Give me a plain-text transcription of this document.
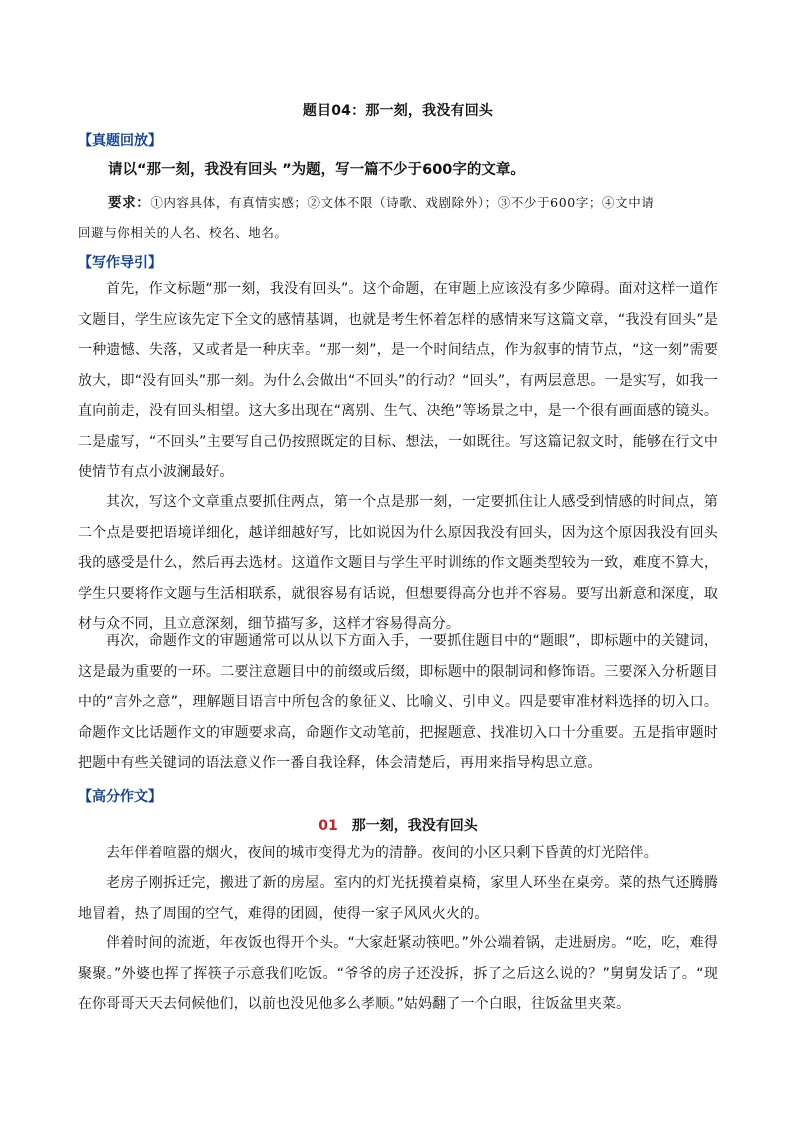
题目04：那一刻，我没有回头
【真题回放】
请以“那一刻，我没有回头 ”为题，写一篇不少于600字的文章。
要求：①内容具体，有真情实感；②文体不限（诗歌、戏剧除外）；③不少于600字；④文中请
回避与你相关的人名、校名、地名。
【写作导引】

首先，作文标题“那一刻，我没有回头”。这个命题，在审题上应该没有多少障碍。面对这样一道作文题目，学生应该先定下全文的感情基调，也就是考生怀着怎样的感情来写这篇文章，“我没有回头”是一种遗憾、失落，又或者是一种庆幸。“那一刻”，是一个时间结点，作为叙事的情节点，“这一刻”需要放大，即“没有回头”那一刻。为什么会做出“不回头”的行动？“回头”，有两层意思。一是实写，如我一直向前走，没有回头相望。这大多出现在“离别、生气、决绝”等场景之中，是一个很有画面感的镜头。二是虚写，“不回头”主要写自己仍按照既定的目标、想法，一如既往。写这篇记叙文时，能够在行文中使情节有点小波澜最好。

其次，写这个文章重点要抓住两点，第一个点是那一刻，一定要抓住让人感受到情感的时间点，第二个点是要把语境详细化，越详细越好写，比如说因为什么原因我没有回头，因为这个原因我没有回头我的感受是什么，然后再去选材。这道作文题目与学生平时训练的作文题类型较为一致，难度不算大，学生只要将作文题与生活相联系，就很容易有话说，但想要得高分也并不容易。要写出新意和深度，取材与众不同，且立意深刻，细节描写多，这样才容易得高分。

再次，命题作文的审题通常可以从以下方面入手，一要抓住题目中的“题眼”，即标题中的关键词，这是最为重要的一环。二要注意题目中的前缀或后缀，即标题中的限制词和修饰语。三要深入分析题目中的“言外之意”，理解题目语言中所包含的象征义、比喻义、引申义。四是要审准材料选择的切入口。命题作文比话题作文的审题要求高，命题作文动笔前，把握题意、找准切入口十分重要。五是指审题时把题中有些关键词的语法意义作一番自我诠释，体会清楚后，再用来指导构思立意。

【高分作文】
01 那一刻，我没有回头

去年伴着喧嚣的烟火，夜间的城市变得尤为的清静。夜间的小区只剩下昏黄的灯光陪伴。

老房子刚拆迁完，搬进了新的房屋。室内的灯光抚摸着桌椅，家里人环坐在桌旁。菜的热气还腾腾地冒着，热了周围的空气，难得的团圆，使得一家子风风火火的。

伴着时间的流逝，年夜饭也得开个头。“大家赶紧动筷吧。”外公端着锅，走进厨房。“吃，吃，难得聚聚。”外婆也挥了挥筷子示意我们吃饭。“爷爷的房子还没拆，拆了之后这么说的？”舅舅发话了。“现在你哥哥天天去伺候他们，以前也没见他多么孝顺。”姑妈翻了一个白眼，往饭盆里夹菜。
